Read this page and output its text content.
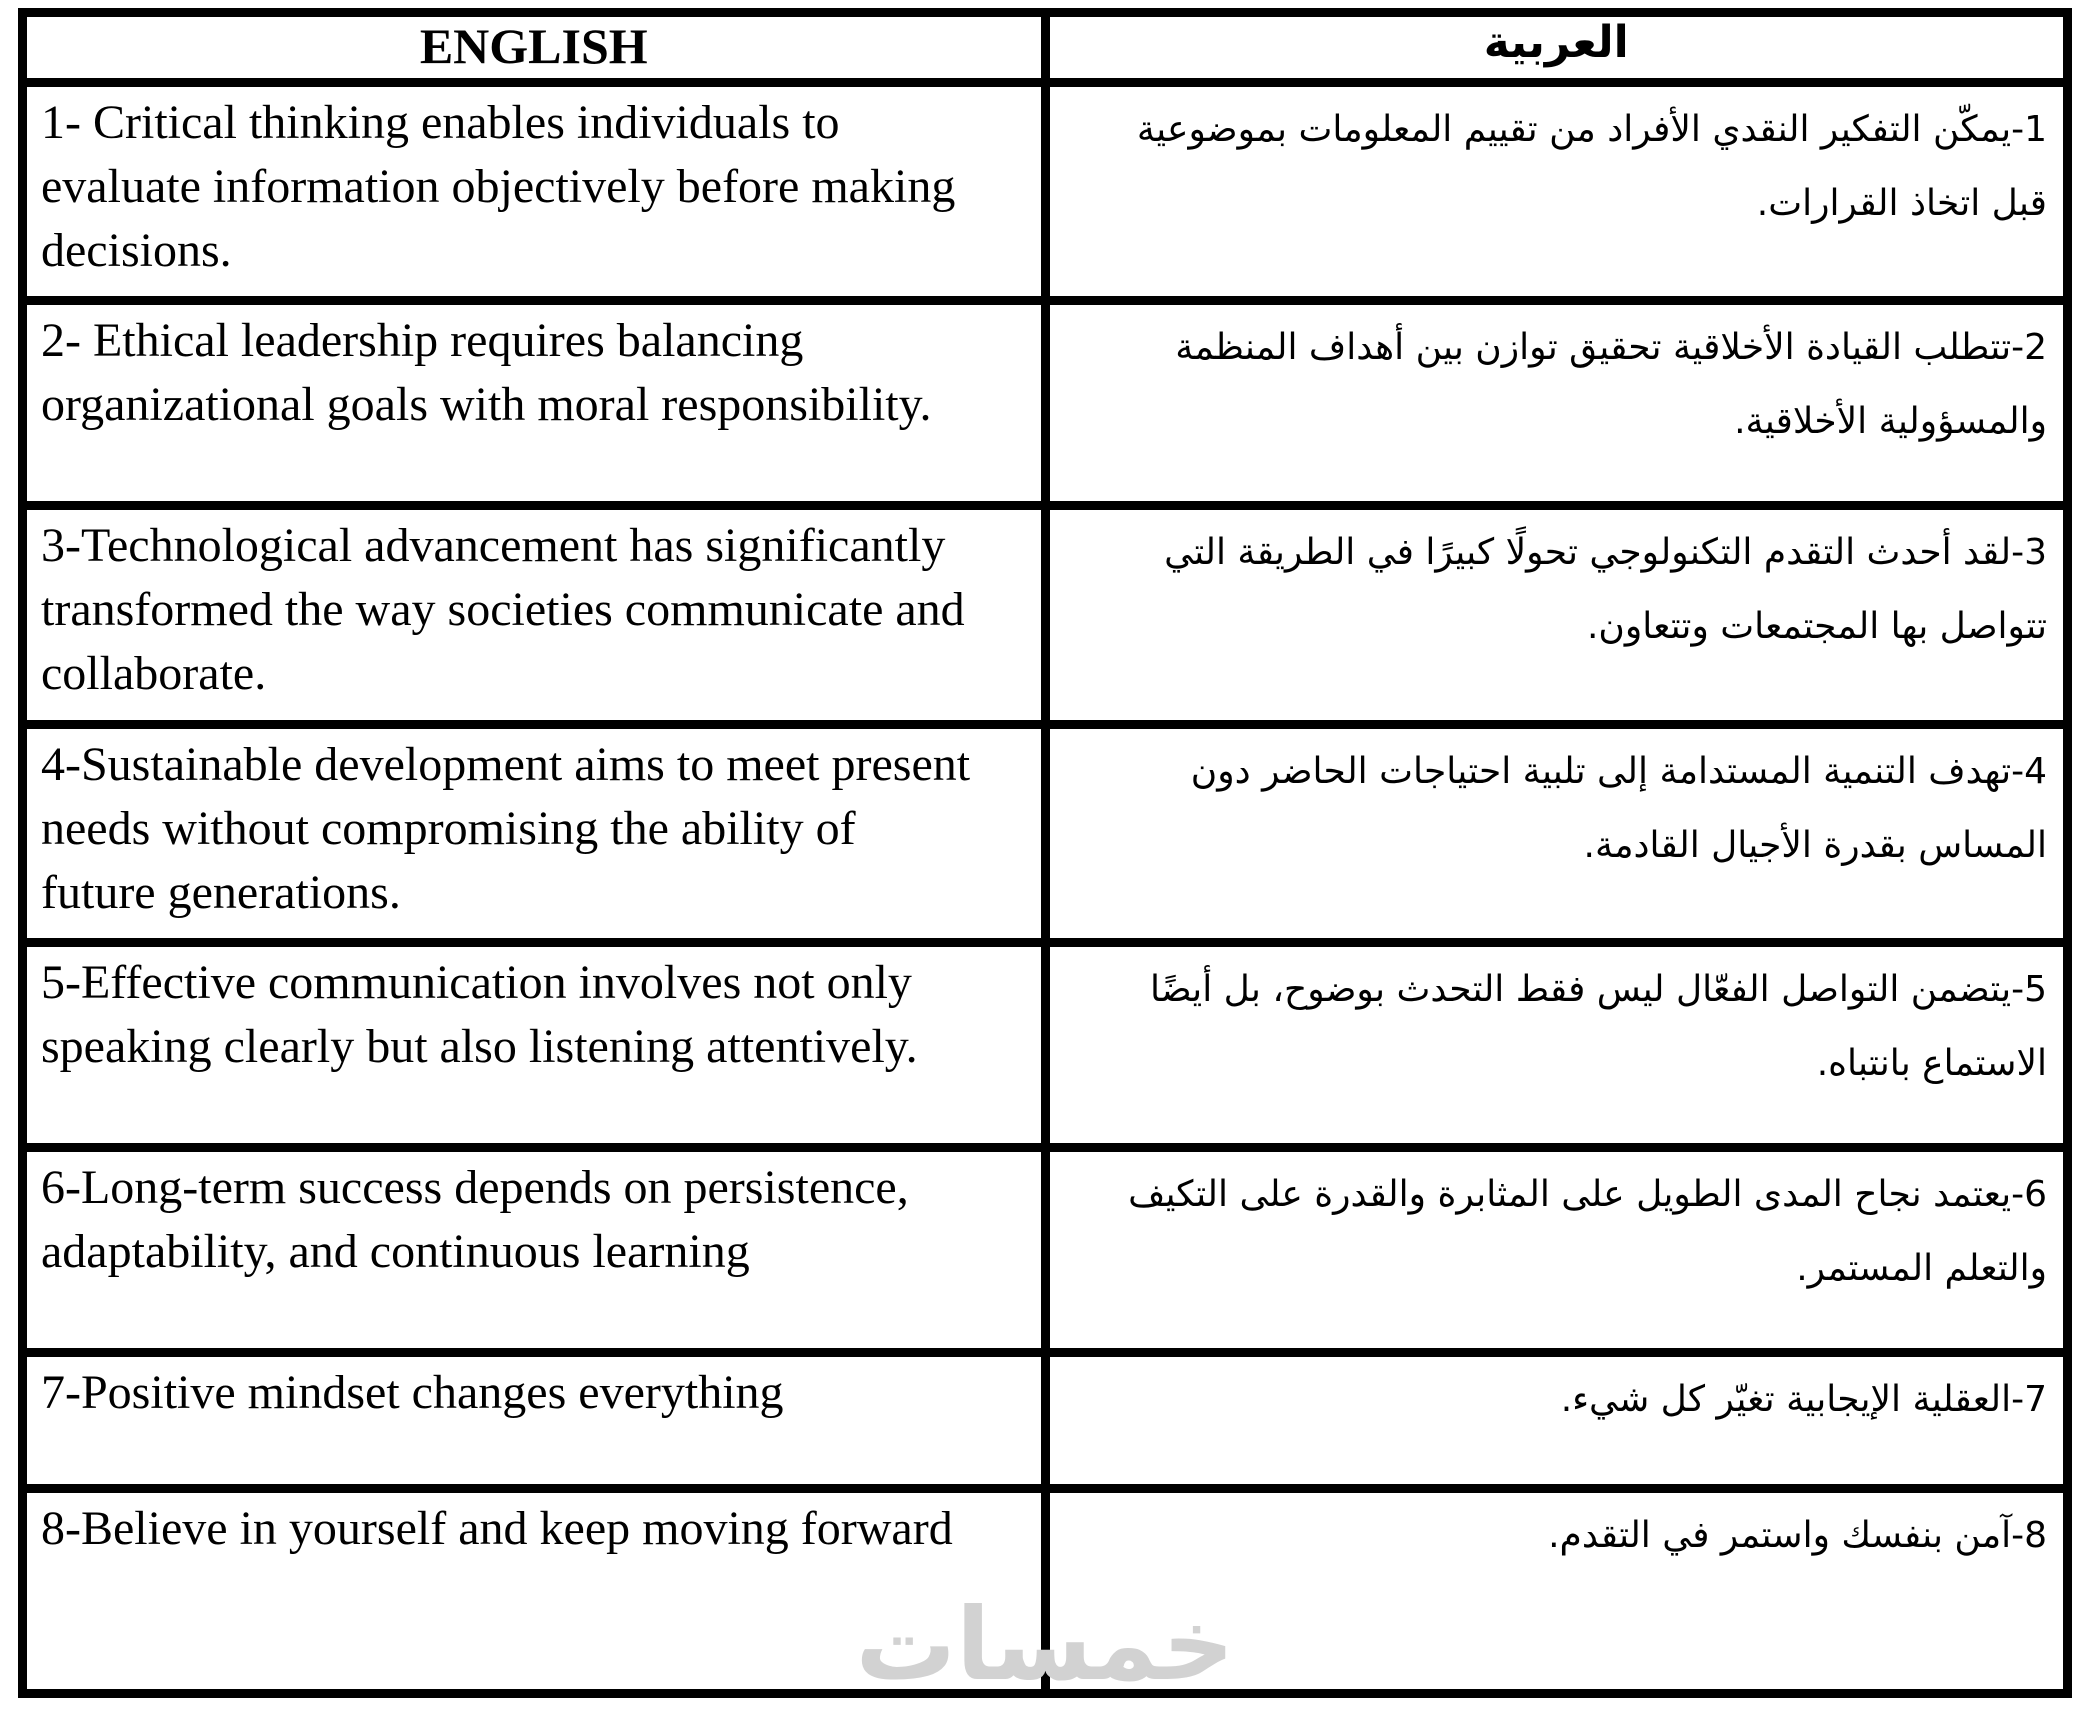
خمسات
ENGLISH	العربية
1- Critical thinking enables individuals to evaluate information objectively before making decisions.	1-يمكّن التفكير النقدي الأفراد من تقييم المعلومات بموضوعية قبل اتخاذ القرارات.
2- Ethical leadership requires balancing organizational goals with moral responsibility.	2-تتطلب القيادة الأخلاقية تحقيق توازن بين أهداف المنظمة والمسؤولية الأخلاقية.
3-Technological advancement has significantly transformed the way societies communicate and collaborate.	3-لقد أحدث التقدم التكنولوجي تحولًا كبيرًا في الطريقة التي تتواصل بها المجتمعات وتتعاون.
4-Sustainable development aims to meet present needs without compromising the ability of future generations.	4-تهدف التنمية المستدامة إلى تلبية احتياجات الحاضر دون المساس بقدرة الأجيال القادمة.
5-Effective communication involves not only speaking clearly but also listening attentively.	5-يتضمن التواصل الفعّال ليس فقط التحدث بوضوح، بل أيضًا الاستماع بانتباه.
6-Long-term success depends on persistence, adaptability, and continuous learning	6-يعتمد نجاح المدى الطويل على المثابرة والقدرة على التكيف والتعلم المستمر.
7-Positive mindset changes everything	7-العقلية الإيجابية تغيّر كل شيء.
8-Believe in yourself and keep moving forward	8-آمن بنفسك واستمر في التقدم.
